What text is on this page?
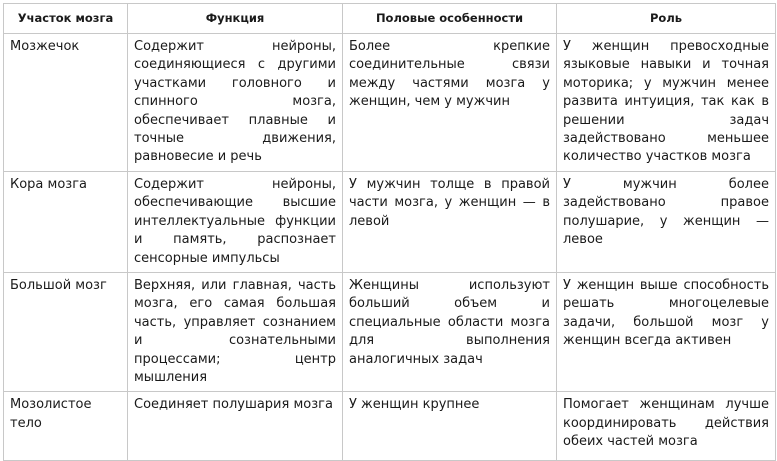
Участок мозга	Функция	Половые особенности	Роль
Мозжечок	Содержит нейроны, соединяющиеся с другими участками головного и спинного мозга, обеспечивает плавные и точные движения, равновесие и речь	Более крепкие соединительные связи между частями мозга у женщин, чем у мужчин	У женщин превосходные языковые навыки и точная моторика; у мужчин менее развита интуиция, так как в решении задач задействовано меньшее количество участков мозга
Кора мозга	Содержит нейроны, обеспечивающие высшие интеллектуальные функции и память, распознает сенсорные импульсы	У мужчин толще в правой части мозга, у женщин — в левой	У мужчин более задействовано правое полушарие, у женщин — левое
Большой мозг	Верхняя, или главная, часть мозга, его самая большая часть, управляет сознанием и сознательными процессами; центр мышления	Женщины используют больший объем и специальные области мозга для выполнения аналогичных задач	У женщин выше способность решать многоцелевые задачи, большой мозг у женщин всегда активен
Мозолистое тело	Соединяет полушария мозга	У женщин крупнее	Помогает женщинам лучше координировать действия обеих частей мозга
